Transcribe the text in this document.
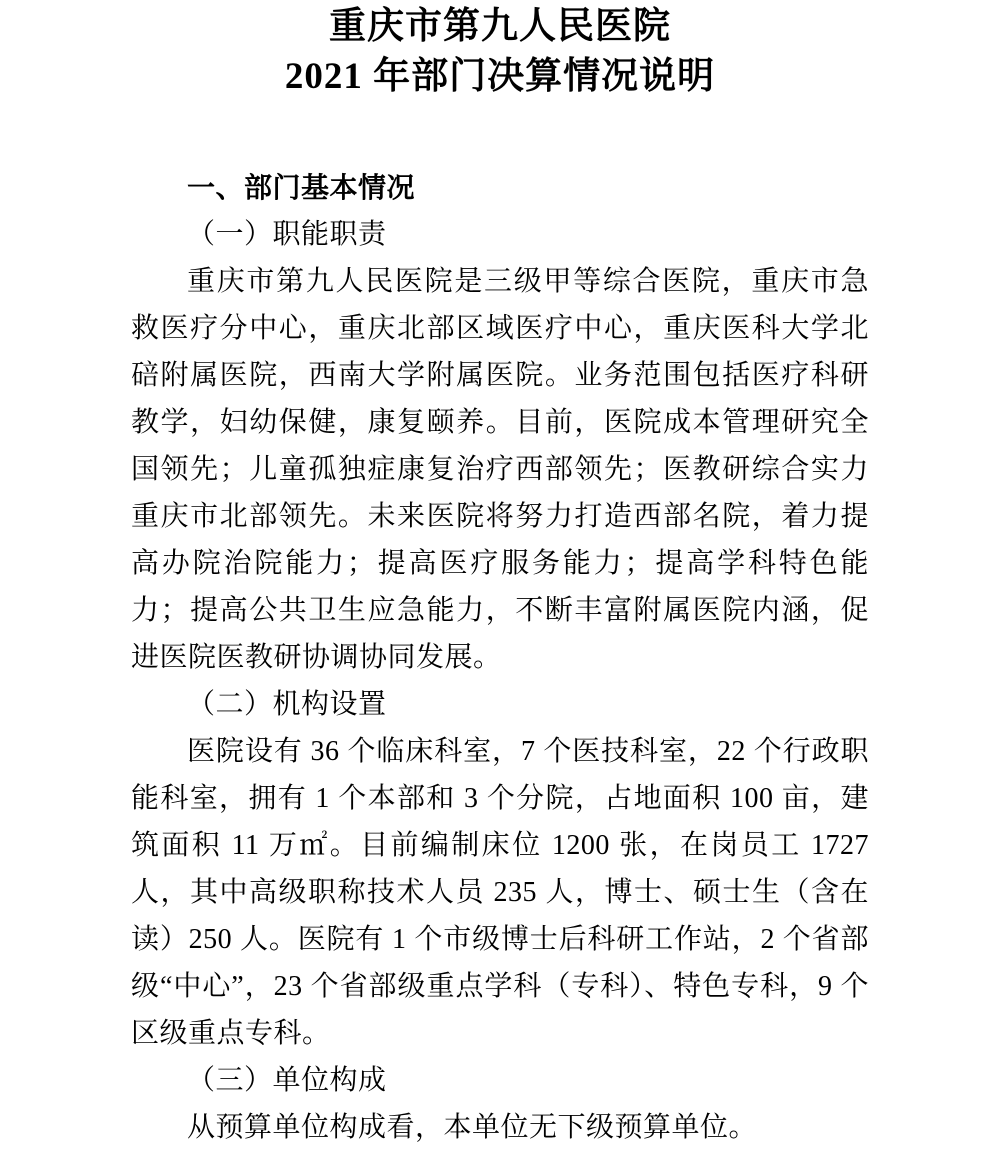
重庆市第九人民医院
2021 年部门决算情况说明
一、部门基本情况
（一）职能职责

重庆市第九人民医院是三级甲等综合医院，重庆市急救医疗分中心，重庆北部区域医疗中心，重庆医科大学北碚附属医院，西南大学附属医院。业务范围包括医疗科研教学，妇幼保健，康复颐养。目前，医院成本管理研究全国领先；儿童孤独症康复治疗西部领先；医教研综合实力重庆市北部领先。未来医院将努力打造西部名院，着力提高办院治院能力；提高医疗服务能力；提高学科特色能力；提高公共卫生应急能力，不断丰富附属医院内涵，促进医院医教研协调协同发展。

（二）机构设置

医院设有 36 个临床科室，7 个医技科室，22 个行政职能科室，拥有 1 个本部和 3 个分院，占地面积 100 亩，建筑面积 11 万㎡。目前编制床位 1200 张，在岗员工 1727 人，其中高级职称技术人员 235 人，博士、硕士生（含在读）250 人。医院有 1 个市级博士后科研工作站，2 个省部级“中心”，23 个省部级重点学科（专科）、特色专科，9 个区级重点专科。

（三）单位构成

从预算单位构成看，本单位无下级预算单位。
